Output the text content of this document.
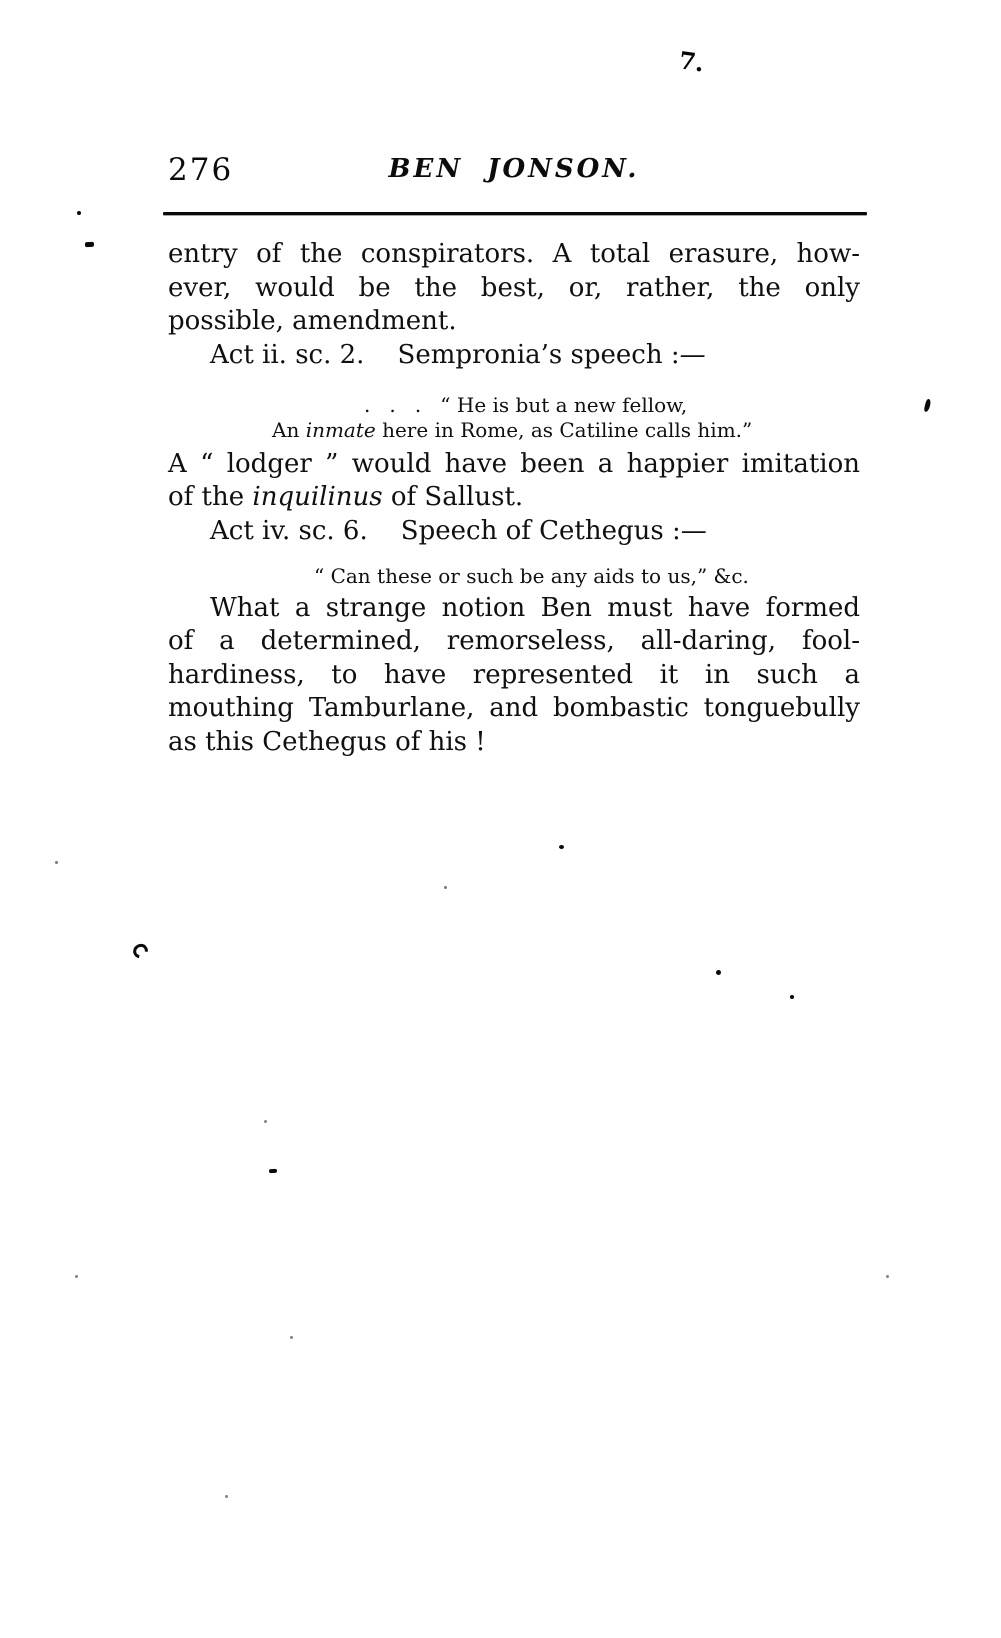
276	BEN JONSON.
entry of the conspirators. A total erasure, how-
ever, would be the best, or, rather, the only
possible, amendment.
Act ii. sc. 2.    Sempronia’s speech :—
.   .   .   “ He is but a new fellow,
An inmate here in Rome, as Catiline calls him.”
A “ lodger ” would have been a happier imitation
of the inquilinus of Sallust.
Act iv. sc. 6.    Speech of Cethegus :—
“ Can these or such be any aids to us,” &c.
What a strange notion Ben must have formed
of a determined, remorseless, all-daring, fool-
hardiness, to have represented it in such a
mouthing Tamburlane, and bombastic tonguebully
as this Cethegus of his !
7.
